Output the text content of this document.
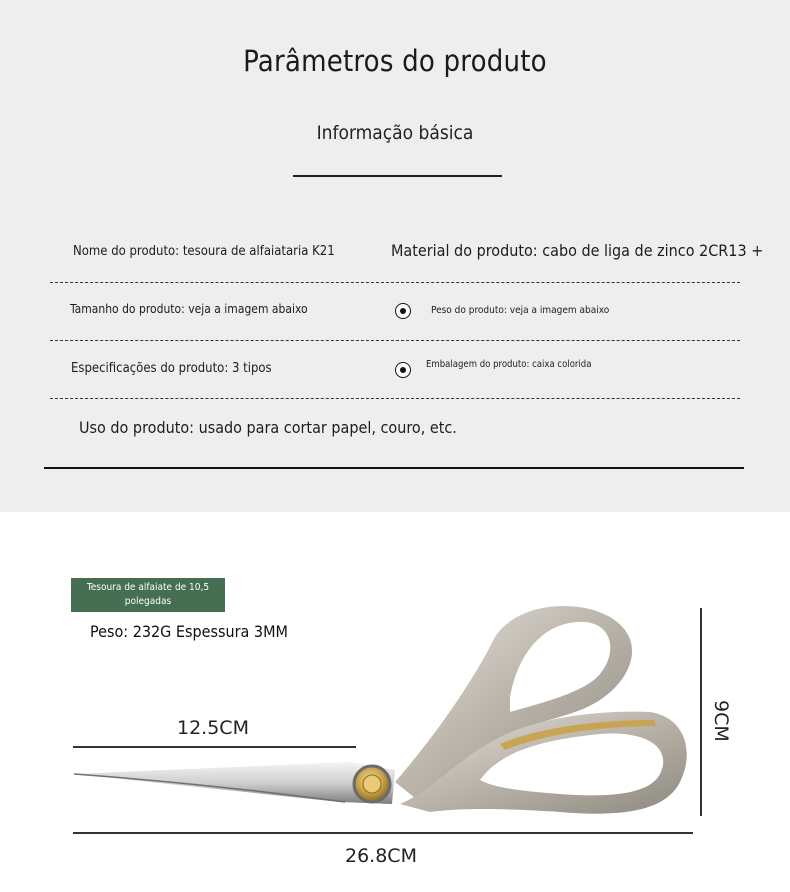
Parâmetros do produto
Informação básica
Nome do produto: tesoura de alfaiataria K21	Material do produto: cabo de liga de zinco 2CR13 +
Tamanho do produto: veja a imagem abaixo	Peso do produto: veja a imagem abaixo
Especificações do produto: 3 tipos	Embalagem do produto: caixa colorida
Uso do produto: usado para cortar papel, couro, etc.
Tesoura de alfaiate de 10,5 polegadas
Peso: 232G Espessura 3MM
12.5CM
26.8CM
9CM
